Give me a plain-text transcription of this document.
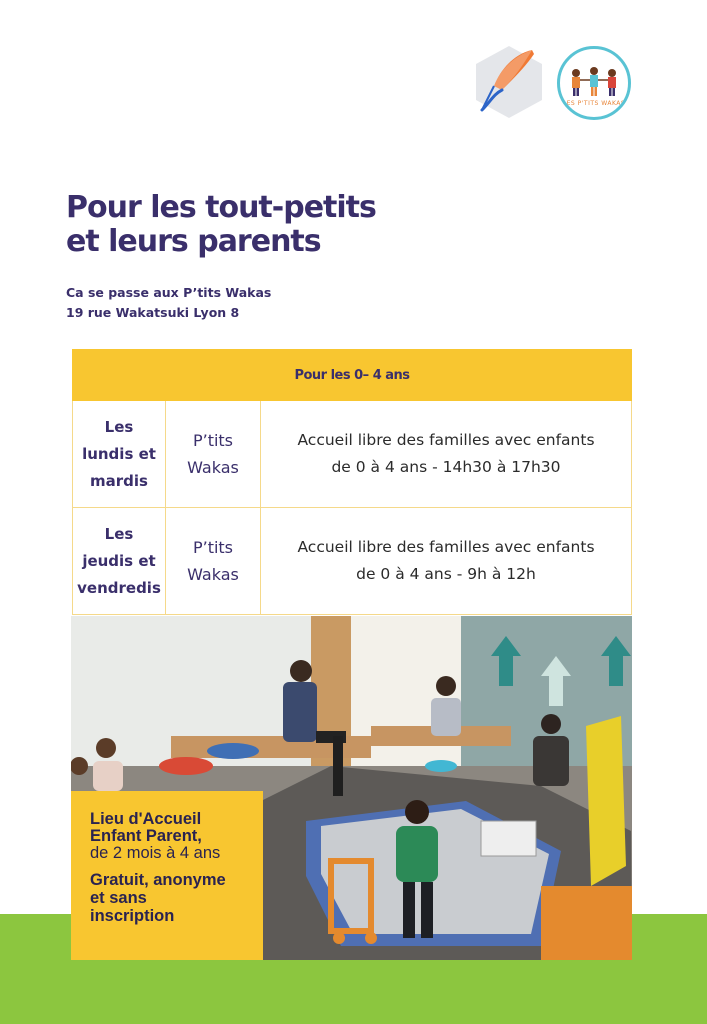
LES P'TITS WAKAS
Pour les tout-petits
et leurs parents
Ca se passe aux P’tits Wakas
19 rue Wakatsuki Lyon 8
Pour les 0– 4 ans
Les
lundis et
mardis
P’tits
Wakas
Accueil libre des familles avec enfants
de 0 à 4 ans - 14h30 à 17h30
Les
jeudis et
vendredis
P’tits
Wakas
Accueil libre des familles avec enfants
de 0 à 4 ans - 9h à 12h
Lieu d'Accueil
Enfant Parent,
de 2 mois à 4 ans
Gratuit, anonyme
et sans
inscription
